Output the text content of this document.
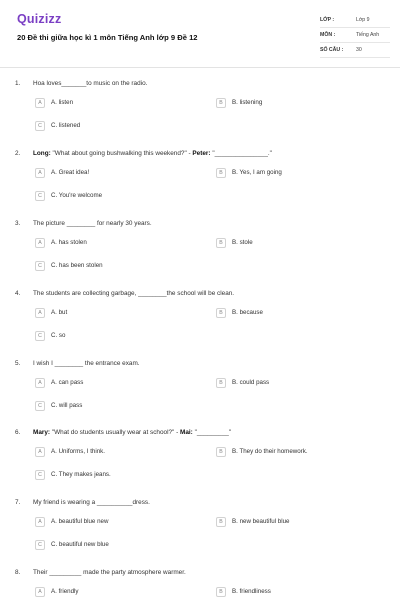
Quizizz
20 Đề thi giữa học kì 1 môn Tiếng Anh lớp 9 Đề 12
LỚP :	Lớp 9
MÔN :	Tiếng Anh
SỐ CÂU : 30
1. Hoa loves_______to music on the radio.
A	A. listen	B	B. listening
C	C. listened
2. Long: "What about going bushwalking this weekend?" - Peter: "_______________."
A	A. Great idea!	B	B. Yes, I am going
C	C. You're welcome
3. The picture ________ for nearly 30 years.
A	A. has stolen	B	B. stole
C	C. has been stolen
4. The students are collecting garbage, ________the school will be clean.
A	A. but	B	B. because
C	C. so
5. I wish I ________ the entrance exam.
A	A. can pass	B	B. could pass
C	C. will pass
6. Mary: "What do students usually wear at school?" - Mai: "_________"
A	A. Uniforms, I think.	B	B. They do their homework.
C	C. They makes jeans.
7. My friend is wearing a __________dress.
A	A. beautiful blue new	B	B. new beautiful blue
C	C. beautiful new blue
8. Their _________ made the party atmosphere warmer.
A	A. friendly	B	B. friendliness
